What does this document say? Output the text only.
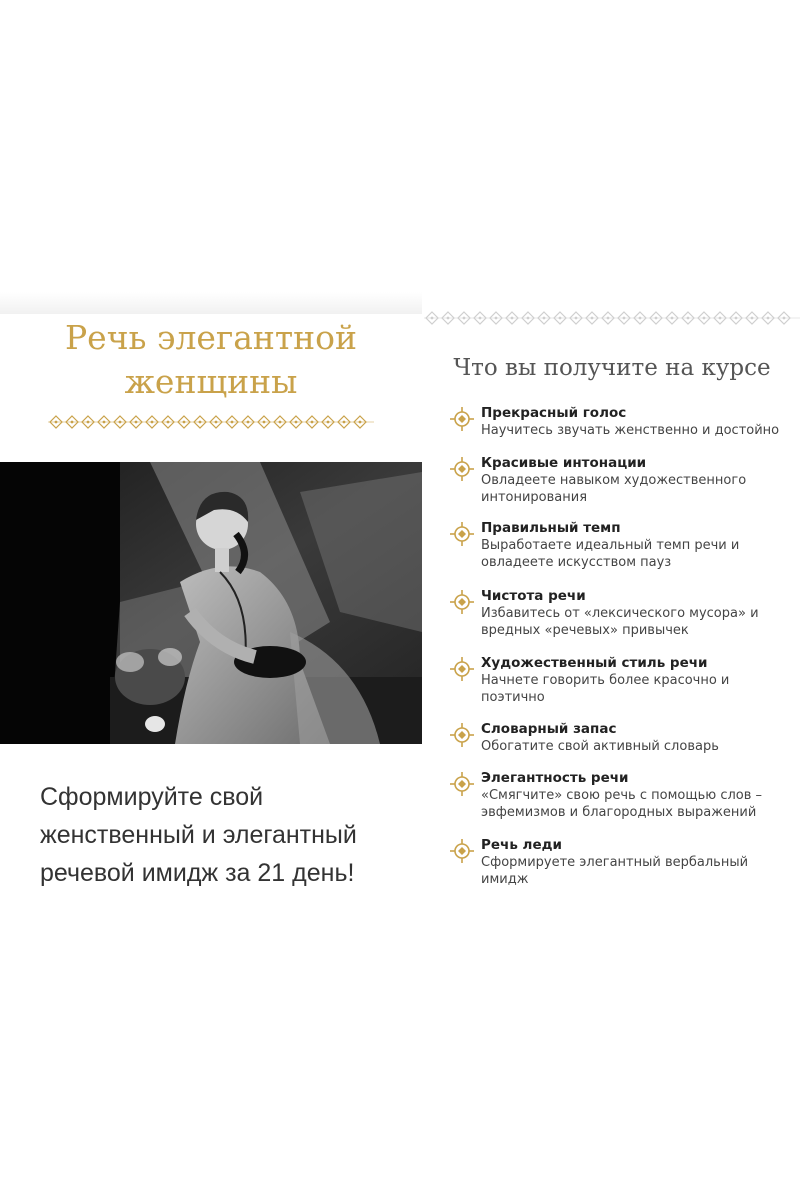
Речь элегантной
женщины

Сформируйте свой
женственный и элегантный
речевой имидж за 21 день!

Что вы получите на курсе
Прекрасный голос
Научитесь звучать женственно и достойно
Красивые интонации
Овладеете навыком художественного
интонирования
Правильный темп
Выработаете идеальный темп речи и
овладеете искусством пауз
Чистота речи
Избавитесь от «лексического мусора» и
вредных «речевых» привычек
Художественный стиль речи
Начнете говорить более красочно и
поэтично
Словарный запас
Обогатите свой активный словарь
Элегантность речи
«Смягчите» свою речь с помощью слов –
эвфемизмов и благородных выражений
Речь леди
Сформируете элегантный вербальный
имидж
